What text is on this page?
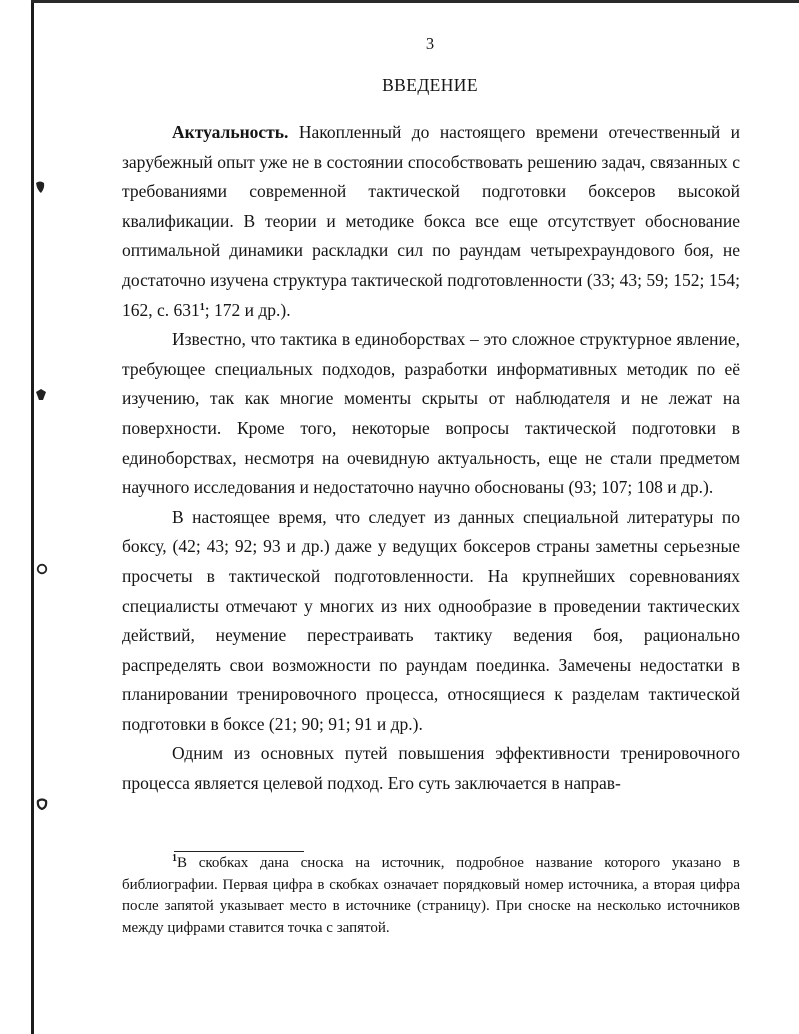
3
ВВЕДЕНИЕ

Актуальность. Накопленный до настоящего времени отечественный и зарубежный опыт уже не в состоянии способствовать решению задач, связанных с требованиями современной тактической подготовки боксеров высокой квалификации. В теории и методике бокса все еще отсутствует обоснование оптимальной динамики раскладки сил по раундам четырехраундового боя, не достаточно изучена структура тактической подготовленности (33; 43; 59; 152; 154; 162, с. $631^1$; 172 и др.).

Известно, что тактика в единоборствах – это сложное структурное явление, требующее специальных подходов, разработки информативных методик по её изучению, так как многие моменты скрыты от наблюдателя и не лежат на поверхности. Кроме того, некоторые вопросы тактической подготовки в единоборствах, несмотря на очевидную актуальность, еще не стали предметом научного исследования и недостаточно научно обоснованы (93; 107; 108 и др.).

В настоящее время, что следует из данных специальной литературы по боксу, (42; 43; 92; 93 и др.) даже у ведущих боксеров страны заметны серьезные просчеты в тактической подготовленности. На крупнейших соревнованиях специалисты отмечают у многих из них однообразие в проведении тактических действий, неумение перестраивать тактику ведения боя, рационально распределять свои возможности по раундам поединка. Замечены недостатки в планировании тренировочного процесса, относящиеся к разделам тактической подготовки в боксе (21; 90; 91; 91 и др.).

Одним из основных путей повышения эффективности тренировочного процесса является целевой подход. Его суть заключается в направ-

$^1$В скобках дана сноска на источник, подробное название которого указано в библиографии. Первая цифра в скобках означает порядковый номер источника, а вторая цифра после запятой указывает место в источнике (страницу). При сноске на несколько источников между цифрами ставится точка с запятой.
